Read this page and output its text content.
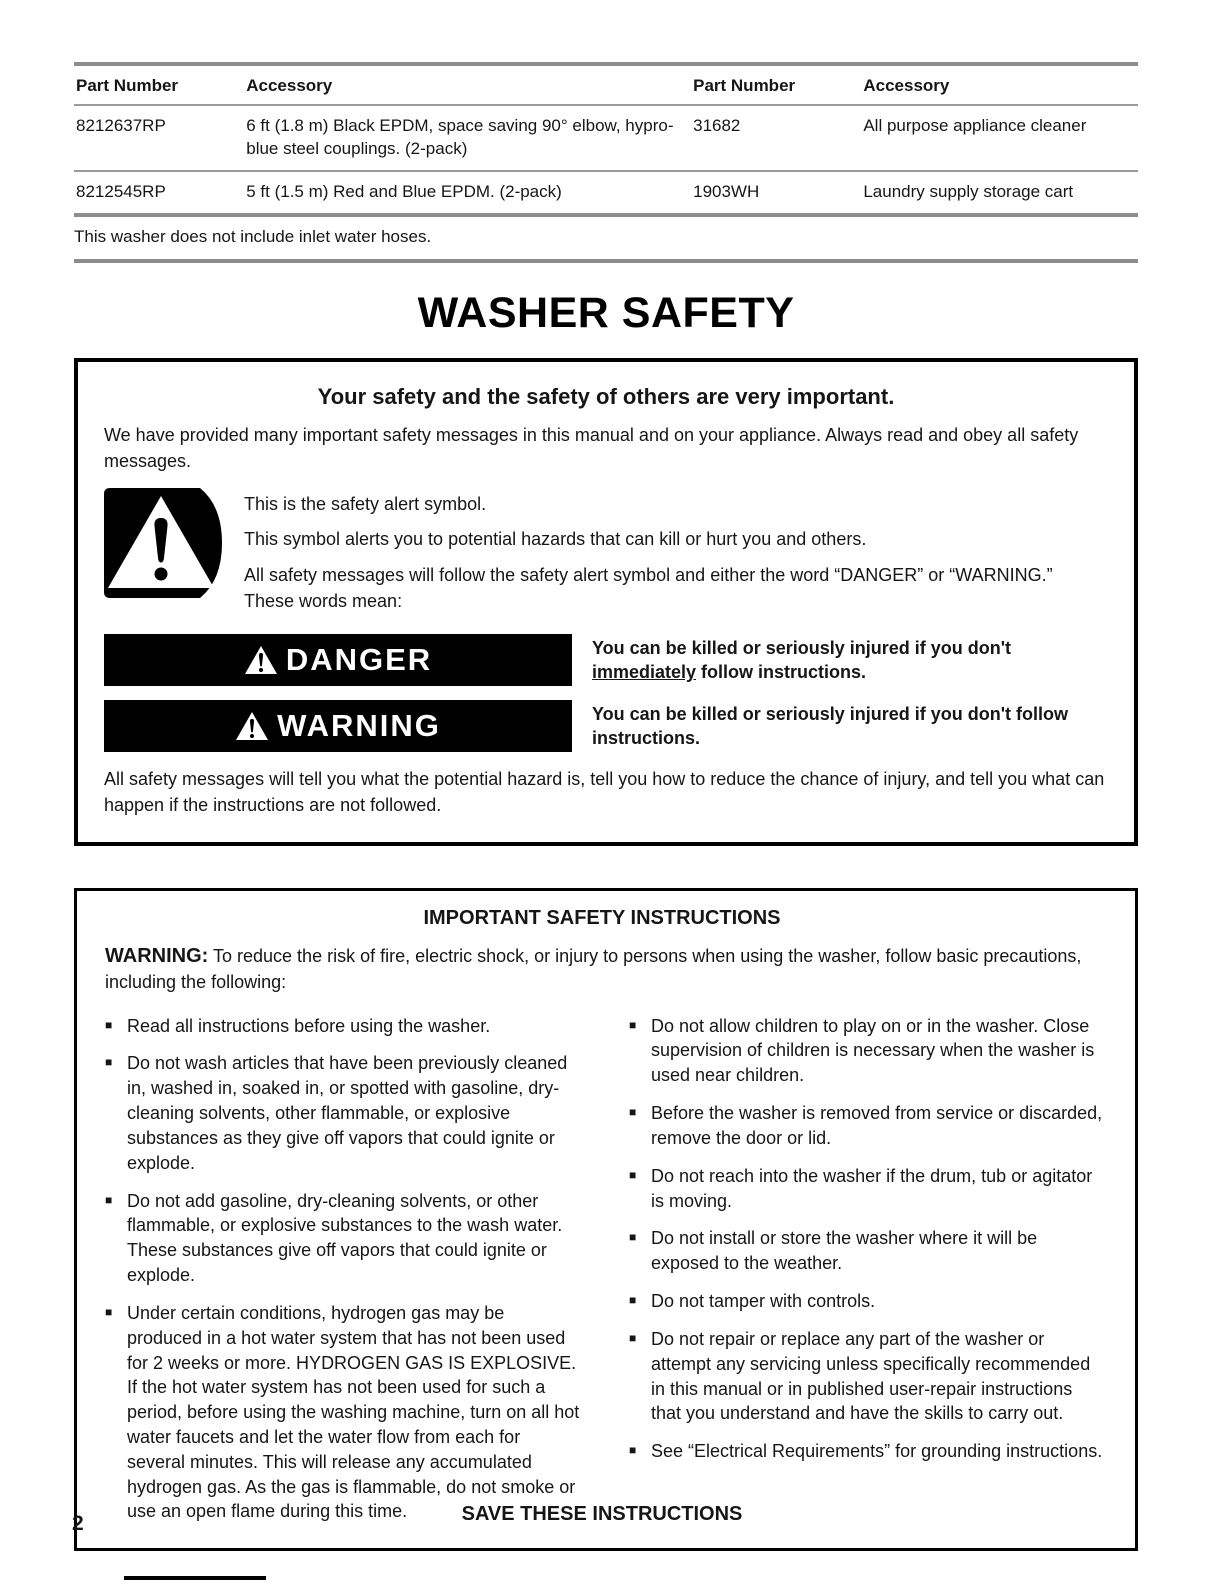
Part Number	Accessory	Part Number	Accessory
8212637RP	6 ft (1.8 m) Black EPDM, space saving 90° elbow, hypro-blue steel couplings. (2-pack)	31682	All purpose appliance cleaner
8212545RP	5 ft (1.5 m) Red and Blue EPDM. (2-pack)	1903WH	Laundry supply storage cart
This washer does not include inlet water hoses.
WASHER SAFETY
Your safety and the safety of others are very important.
We have provided many important safety messages in this manual and on your appliance. Always read and obey all safety messages.
This is the safety alert symbol.
This symbol alerts you to potential hazards that can kill or hurt you and others.
All safety messages will follow the safety alert symbol and either the word “DANGER” or “WARNING.”
These words mean:
DANGER	You can be killed or seriously injured if you don't immediately follow instructions.
WARNING	You can be killed or seriously injured if you don't follow instructions.
All safety messages will tell you what the potential hazard is, tell you how to reduce the chance of injury, and tell you what can happen if the instructions are not followed.
IMPORTANT SAFETY INSTRUCTIONS

WARNING: To reduce the risk of fire, electric shock, or injury to persons when using the washer, follow basic precautions, including the following:

■ Read all instructions before using the washer.
■ Do not wash articles that have been previously cleaned in, washed in, soaked in, or spotted with gasoline, dry-cleaning solvents, other flammable, or explosive substances as they give off vapors that could ignite or explode.
■ Do not add gasoline, dry-cleaning solvents, or other flammable, or explosive substances to the wash water. These substances give off vapors that could ignite or explode.
■ Under certain conditions, hydrogen gas may be produced in a hot water system that has not been used for 2 weeks or more. HYDROGEN GAS IS EXPLOSIVE. If the hot water system has not been used for such a period, before using the washing machine, turn on all hot water faucets and let the water flow from each for several minutes. This will release any accumulated hydrogen gas. As the gas is flammable, do not smoke or use an open flame during this time.
■ Do not allow children to play on or in the washer. Close supervision of children is necessary when the washer is used near children.
■ Before the washer is removed from service or discarded, remove the door or lid.
■ Do not reach into the washer if the drum, tub or agitator is moving.
■ Do not install or store the washer where it will be exposed to the weather.
■ Do not tamper with controls.
■ Do not repair or replace any part of the washer or attempt any servicing unless specifically recommended in this manual or in published user-repair instructions that you understand and have the skills to carry out.
■ See “Electrical Requirements” for grounding instructions.
SAVE THESE INSTRUCTIONS
2
